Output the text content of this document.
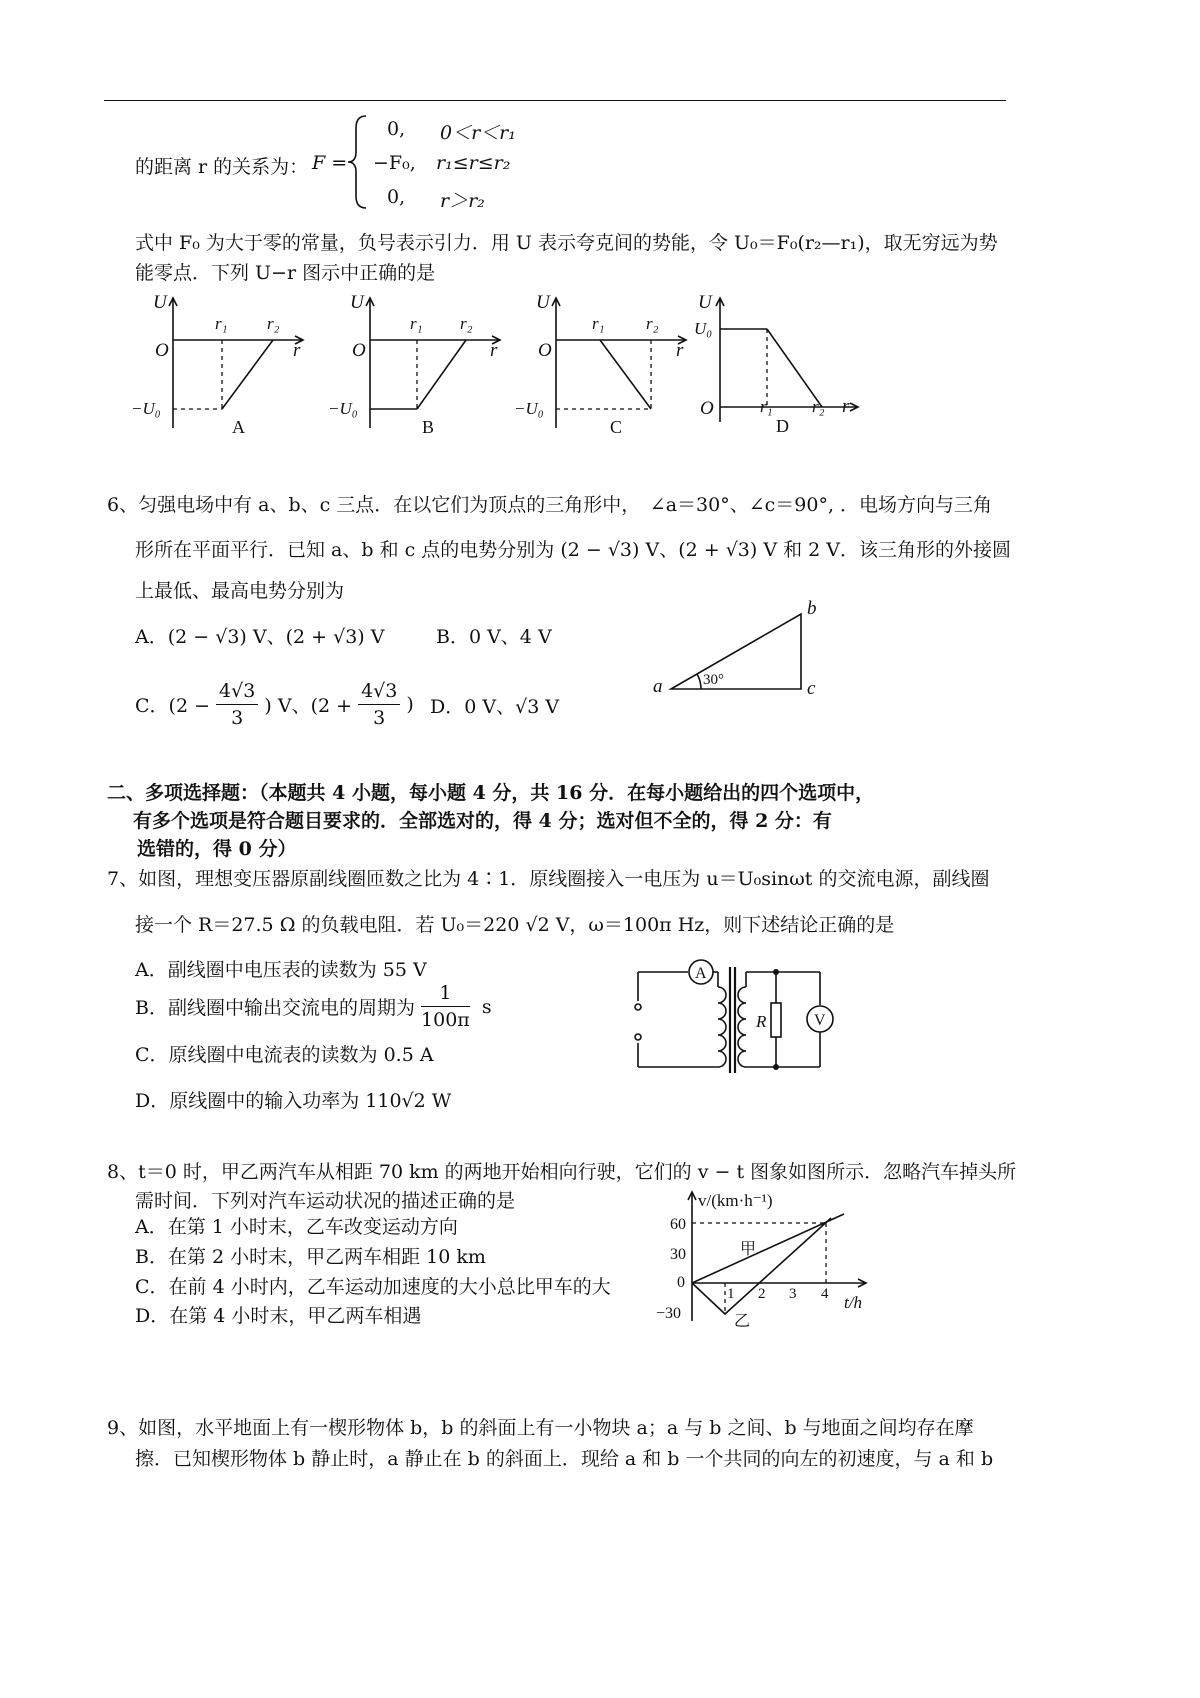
的距离 r 的关系为： F =
0, 0＜r＜r₁
−F₀, r₁≤r≤r₂
0, r＞r₂
式中 F₀ 为大于零的常量，负号表示引力．用 U 表示夸克间的势能，令 U₀＝F₀(r₂—r₁)，取无穷远为势
能零点．下列 U−r 图示中正确的是
U
O	r
r₁ r₂
−U₀
A
U
O	r
r₁ r₂
−U₀
B
U
O	r
r₁ r₂
−U₀
C
U
U₀
O	r₁ r₂ r
D
6、匀强电场中有 a、b、c 三点．在以它们为顶点的三角形中，　∠a＝30°、∠c＝90°, ．电场方向与三角
形所在平面平行．已知 a、b 和 c 点的电势分别为 (2 − √3) V、(2 + √3) V 和 2 V．该三角形的外接圆
上最低、最高电势分别为
A．(2 − √3) V、(2 + √3) V	B．0 V、4 V
C．($2 - \frac{4√3}{3}$ ) V、($2 + \frac{4√3}{3}$ ) D．0 V、√3 V
a
b
c
30°
二、多项选择题：（本题共 4 小题，每小题 4 分，共 16 分．在每小题给出的四个选项中，
有多个选项是符合题目要求的．全部选对的，得 4 分；选对但不全的，得 2 分：有
选错的，得 0 分）
7、如图，理想变压器原副线圈匝数之比为 4∶1．原线圈接入一电压为 u＝U₀sinωt 的交流电源，副线圈
接一个 R＝27.5 Ω 的负载电阻．若 U₀＝220 √2 V，ω＝100π Hz，则下述结论正确的是
A．副线圈中电压表的读数为 55 V
B．副线圈中输出交流电的周期为 $\frac{1}{100\pi}$ s
C．原线圈中电流表的读数为 0.5 A
D．原线圈中的输入功率为 110√2 W
A
R	V
8、t＝0 时，甲乙两汽车从相距 70 km 的两地开始相向行驶，它们的 v − t 图象如图所示．忽略汽车掉头所
需时间．下列对汽车运动状况的描述正确的是
A．在第 1 小时末，乙车改变运动方向
B．在第 2 小时末，甲乙两车相距 10 km
C．在前 4 小时内，乙车运动加速度的大小总比甲车的大
D．在第 4 小时末，甲乙两车相遇
v/(km·h⁻¹)
60
30
0
−30
1 2 3 4 t/h
甲
乙
9、如图，水平地面上有一楔形物体 b，b 的斜面上有一小物块 a；a 与 b 之间、b 与地面之间均存在摩
擦．已知楔形物体 b 静止时，a 静止在 b 的斜面上．现给 a 和 b 一个共同的向左的初速度，与 a 和 b
